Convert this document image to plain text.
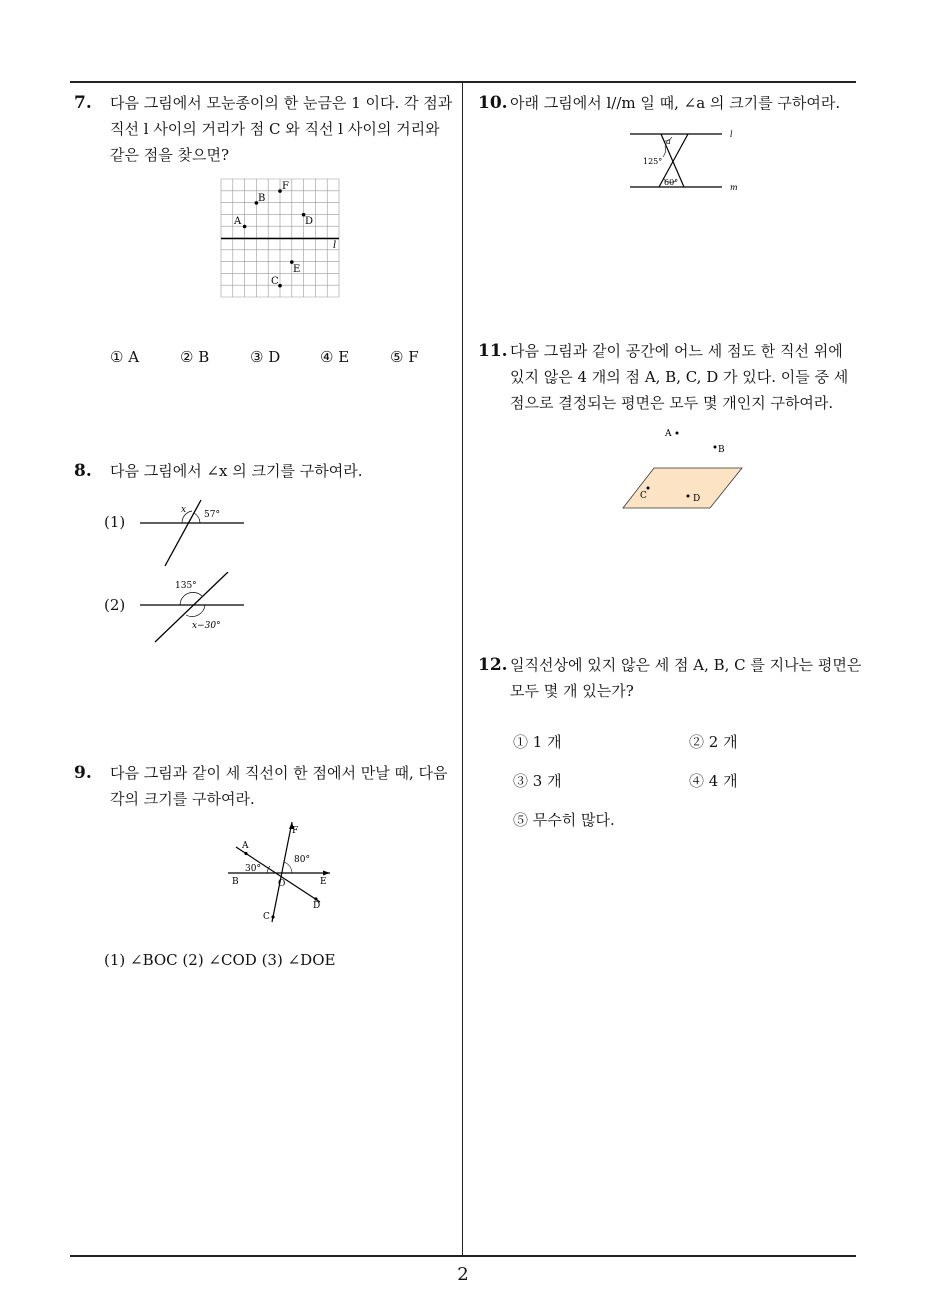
7. 다음 그림에서 모눈종이의 한 눈금은 1 이다. 각 점과
직선 l 사이의 거리가 점 C 와 직선 l 사이의 거리와
같은 점을 찾으면?
A
B
F
D
E
C
l
① A	② B	③ D	④ E	⑤ F
8. 다음 그림에서 ∠x 의 크기를 구하여라.
(1)
x 57°
(2)
135°
x−30°
9. 다음 그림과 같이 세 직선이 한 점에서 만날 때, 다음
각의 크기를 구하여라.
A
B
C
D
E
F
O
30°
80°
(1) ∠BOC (2) ∠COD (3) ∠DOE
10. 아래 그림에서 l//m 일 때, ∠a 의 크기를 구하여라.
a
125°
60°
l
m
11. 다음 그림과 같이 공간에 어느 세 점도 한 직선 위에
있지 않은 4 개의 점 A, B, C, D 가 있다. 이들 중 세
점으로 결정되는 평면은 모두 몇 개인지 구하여라.
A
B
C	D
12. 일직선상에 있지 않은 세 점 A, B, C 를 지나는 평면은
모두 몇 개 있는가?
① 1 개	② 2 개
③ 3 개	④ 4 개
⑤ 무수히 많다.
2
